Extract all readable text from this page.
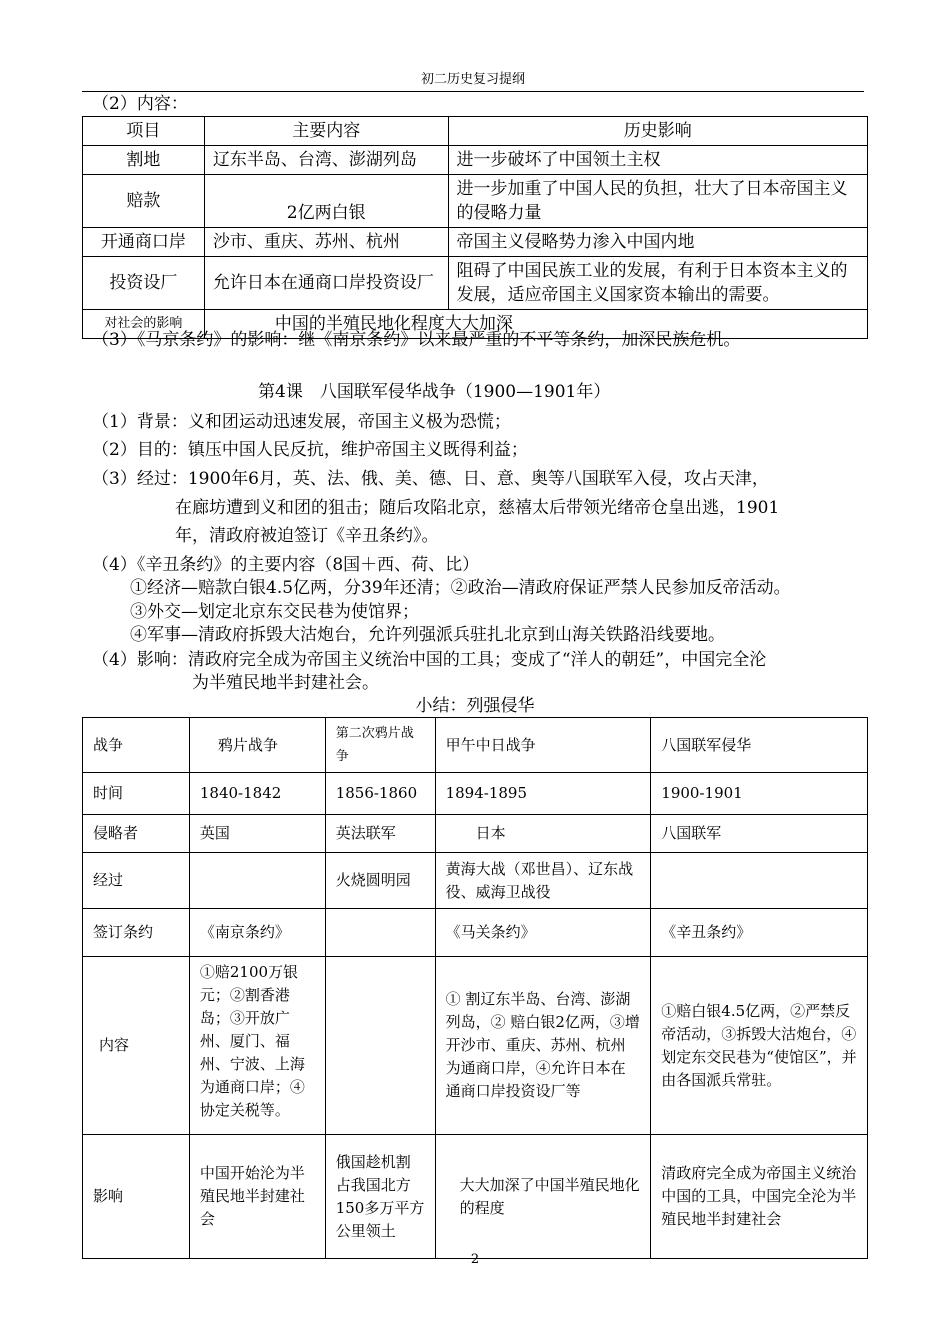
初二历史复习提纲
（2）内容：
项目	主要内容	历史影响
割地	辽东半岛、台湾、澎湖列岛	进一步破坏了中国领土主权
赔款	2亿两白银	进一步加重了中国人民的负担，壮大了日本帝国主义的侵略力量
开通商口岸	沙市、重庆、苏州、杭州	帝国主义侵略势力渗入中国内地
投资设厂	允许日本在通商口岸投资设厂	阻碍了中国民族工业的发展，有利于日本资本主义的发展，适应帝国主义国家资本输出的需要。
对社会的影响	中国的半殖民地化程度大大加深	
（3）《马京条约》的影响：继《南京条约》以来最严重的不平等条约，加深民族危机。
第4课　八国联军侵华战争（1900—1901年）
（1）背景：义和团运动迅速发展，帝国主义极为恐慌；
（2）目的：镇压中国人民反抗，维护帝国主义既得利益；
（3）经过：1900年6月，英、法、俄、美、德、日、意、奥等八国联军入侵，攻占天津，
在廊坊遭到义和团的狙击；随后攻陷北京，慈禧太后带领光绪帝仓皇出逃，1901
年，清政府被迫签订《辛丑条约》。
（4）《辛丑条约》的主要内容（8国＋西、荷、比）
①经济—赔款白银4.5亿两，分39年还清；②政治—清政府保证严禁人民参加反帝活动。
③外交—划定北京东交民巷为使馆界；
④军事—清政府拆毁大沽炮台，允许列强派兵驻扎北京到山海关铁路沿线要地。
（4）影响：清政府完全成为帝国主义统治中国的工具；变成了“洋人的朝廷”，中国完全沦
为半殖民地半封建社会。
小结：列强侵华
战争	鸦片战争	第二次鸦片战争	甲午中日战争	八国联军侵华
时间	1840-1842	1856-1860	1894-1895	1900-1901
侵略者	英国	英法联军	日本	八国联军
经过		火烧圆明园	黄海大战（邓世昌）、辽东战役、威海卫战役	
签订条约	《南京条约》		《马关条约》	《辛丑条约》
内容	①赔2100万银元；②割香港岛；③开放广州、厦门、福州、宁波、上海为通商口岸；④协定关税等。		① 割辽东半岛、台湾、澎湖列岛，② 赔白银2亿两，③增开沙市、重庆、苏州、杭州为通商口岸，④允许日本在通商口岸投资设厂等	①赔白银4.5亿两，②严禁反帝活动，③拆毁大沽炮台，④划定东交民巷为“使馆区”，并由各国派兵常驻。
影响	中国开始沦为半殖民地半封建社会	俄国趁机割占我国北方150多万平方公里领土	大大加深了中国半殖民地化的程度	清政府完全成为帝国主义统治中国的工具，中国完全沦为半殖民地半封建社会
2
